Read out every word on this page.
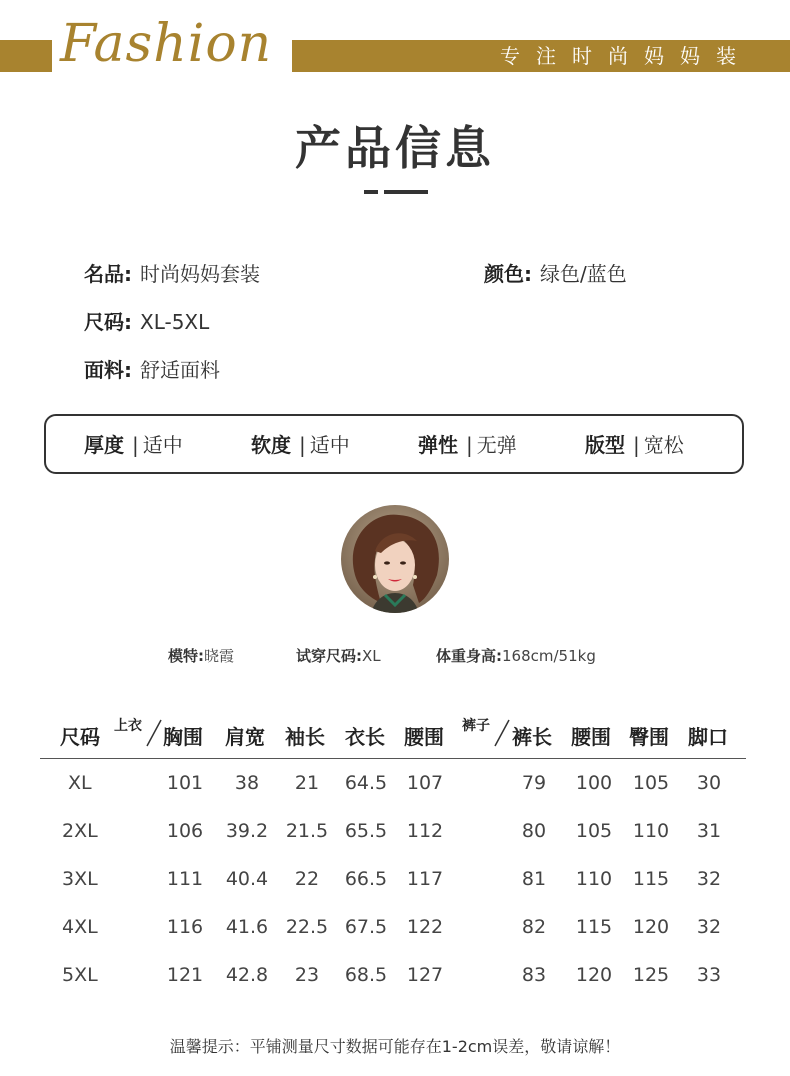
Fashion	专注时尚妈妈装
产品信息
名品: 时尚妈妈套装	颜色: 绿色/蓝色
尺码: XL-5XL
面料: 舒适面料
厚度 | 适中	软度 | 适中	弹性 | 无弹	版型 | 宽松
模特:晓霞	试穿尺码:XL	体重身高:168cm/51kg
尺码 上衣	裤子
胸围 肩宽 袖长 衣长 腰围	裤长 腰围 臀围 脚口
XL	101	38	21	64.5	107	79	100	105	30
2XL	106	39.2 21.5 65.5	112	80	105	110	31
3XL	111	40.4	22	66.5	117	81	110	115	32
4XL	116	41.6 22.5 67.5	122	82	115	120	32
5XL	121	42.8	23	68.5	127	83	120	125	33
温馨提示：平铺测量尺寸数据可能存在1-2cm误差，敬请谅解！
